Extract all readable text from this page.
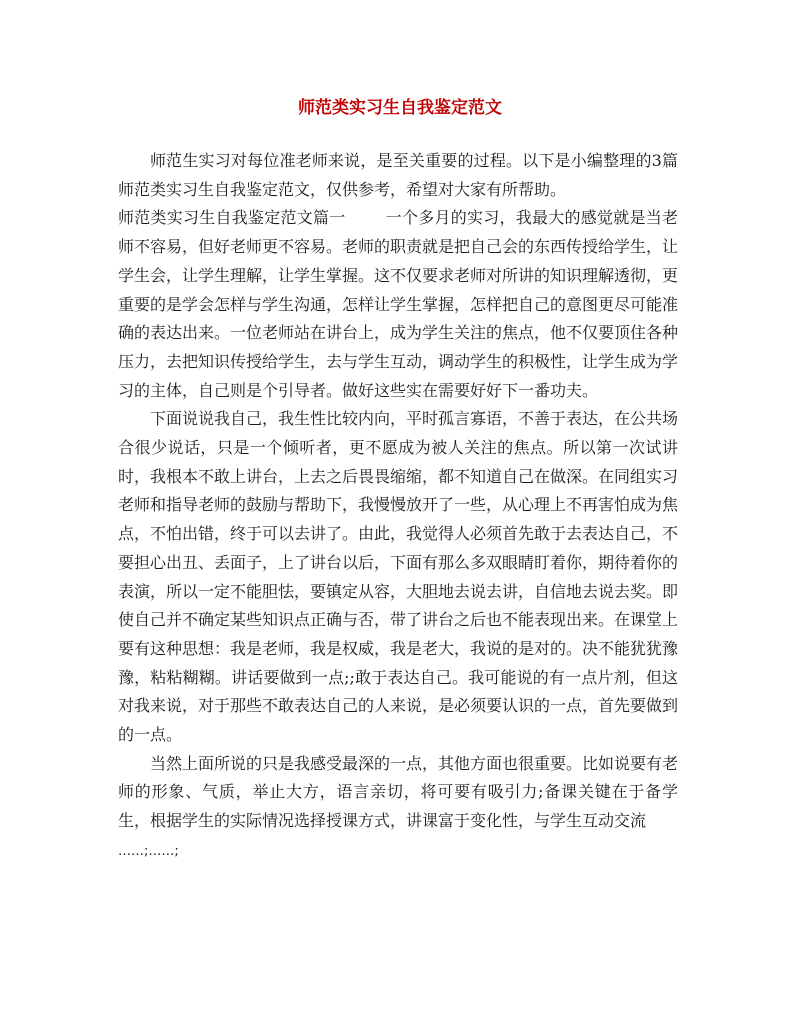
师范类实习生自我鉴定范文

师范生实习对每位准老师来说，是至关重要的过程。以下是小编整理的3篇师范类实习生自我鉴定范文，仅供参考，希望对大家有所帮助。

师范类实习生自我鉴定范文篇一	一个多月的实习，我最大的感觉就是当老师不容易，但好老师更不容易。老师的职责就是把自己会的东西传授给学生，让学生会，让学生理解，让学生掌握。这不仅要求老师对所讲的知识理解透彻，更重要的是学会怎样与学生沟通，怎样让学生掌握，怎样把自己的意图更尽可能准确的表达出来。一位老师站在讲台上，成为学生关注的焦点，他不仅要顶住各种压力，去把知识传授给学生，去与学生互动，调动学生的积极性，让学生成为学习的主体，自己则是个引导者。做好这些实在需要好好下一番功夫。

下面说说我自己，我生性比较内向，平时孤言寡语，不善于表达，在公共场合很少说话，只是一个倾听者，更不愿成为被人关注的焦点。所以第一次试讲时，我根本不敢上讲台，上去之后畏畏缩缩，都不知道自己在做深。在同组实习老师和指导老师的鼓励与帮助下，我慢慢放开了一些，从心理上不再害怕成为焦点，不怕出错，终于可以去讲了。由此，我觉得人必须首先敢于去表达自己，不要担心出丑、丢面子，上了讲台以后，下面有那么多双眼睛盯着你，期待着你的表演，所以一定不能胆怯，要镇定从容，大胆地去说去讲，自信地去说去奖。即使自己并不确定某些知识点正确与否，带了讲台之后也不能表现出来。在课堂上要有这种思想：我是老师，我是权威，我是老大，我说的是对的。决不能犹犹豫豫，粘粘糊糊。讲话要做到一点;;敢于表达自己。我可能说的有一点片剂，但这对我来说，对于那些不敢表达自己的人来说，是必须要认识的一点，首先要做到的一点。

当然上面所说的只是我感受最深的一点，其他方面也很重要。比如说要有老师的形象、气质，举止大方，语言亲切，将可要有吸引力;备课关键在于备学生，根据学生的实际情况选择授课方式，讲课富于变化性，与学生互动交流

……;……;
